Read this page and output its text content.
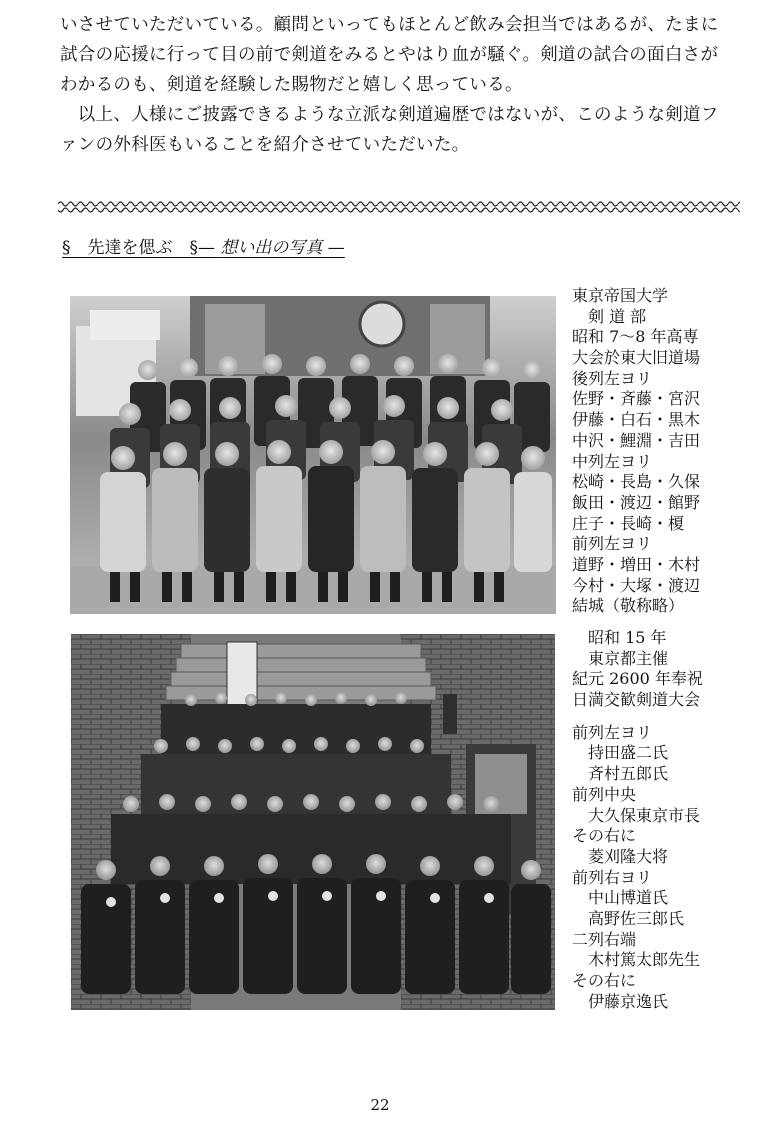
いさせていただいている。顧問といってもほとんど飲み会担当ではあるが、たまに
試合の応援に行って目の前で剣道をみるとやはり血が騒ぐ。剣道の試合の面白さが
わかるのも、剣道を経験した賜物だと嬉しく思っている。
　以上、人様にご披露できるような立派な剣道遍歴ではないが、このような剣道フ
ァンの外科医もいることを紹介させていただいた。
§　先達を偲ぶ　§— 想い出の写真 —
東京帝国大学
　剣 道 部
昭和 7～8 年高専
大会於東大旧道場
後列左ヨリ
佐野・斉藤・宮沢
伊藤・白石・黒木
中沢・鯉淵・吉田
中列左ヨリ
松崎・長島・久保
飯田・渡辺・館野
庄子・長崎・榎
前列左ヨリ
道野・増田・木村
今村・大塚・渡辺
結城（敬称略）
　昭和 15 年
　東京都主催
紀元 2600 年奉祝
日満交歓剣道大会
前列左ヨリ
　持田盛二氏
　斉村五郎氏
前列中央
　大久保東京市長
その右に
　菱刈隆大将
前列右ヨリ
　中山博道氏
　高野佐三郎氏
二列右端
　木村篤太郎先生
その右に
　伊藤京逸氏
22
